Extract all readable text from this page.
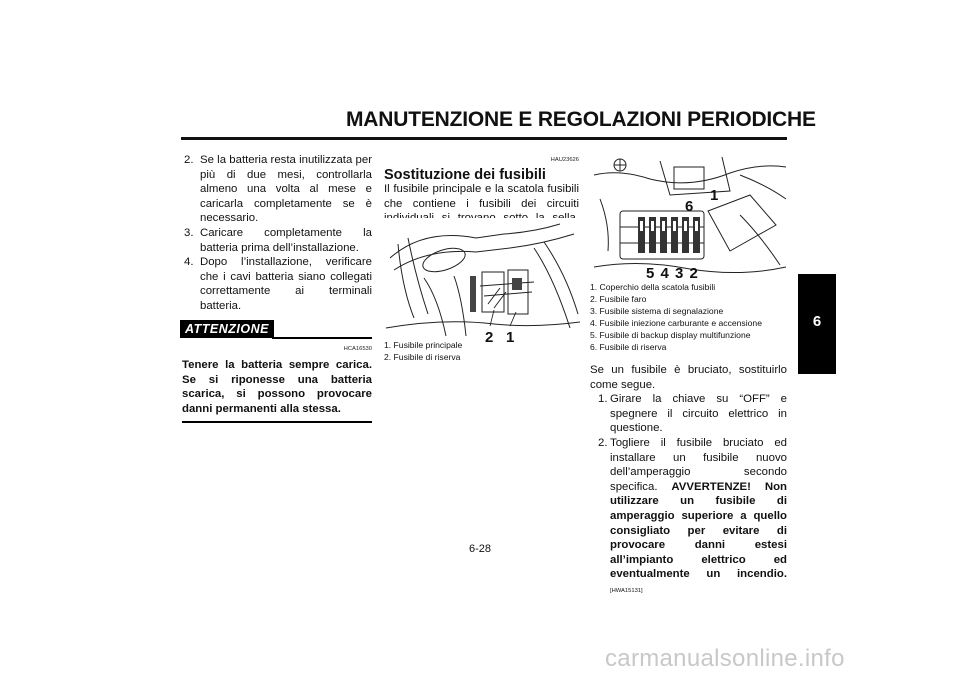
MANUTENZIONE E REGOLAZIONI PERIODICHE
6
2. Se la batteria resta inutilizzata per più di due mesi, controllarla almeno una volta al mese e caricarla completamente se è necessario.
3. Caricare completamente la batteria prima dell’installazione.
4. Dopo l’installazione, verificare che i cavi batteria siano collegati correttamente ai terminali batteria.
ATTENZIONE
HCA16530
Tenere la batteria sempre carica. Se si riponesse una batteria scarica, si possono provocare danni permanenti alla stessa.
HAU23626
Sostituzione dei fusibili
Il fusibile principale e la scatola fusibili che contiene i fusibili dei circuiti
2 1
1. Fusibile principale
2. Fusibile di riserva
1
6
5 4 3 2
1. Coperchio della scatola fusibili
2. Fusibile faro
3. Fusibile sistema di segnalazione
4. Fusibile iniezione carburante e accensione
5. Fusibile di backup display multifunzione
6. Fusibile di riserva
Se un fusibile è bruciato, sostituirlo come segue.
1. Girare la chiave su “OFF” e spegnere il circuito elettrico in questione.
2. Togliere il fusibile bruciato ed installare un fusibile nuovo dell’amperaggio secondo specifica. AVVERTENZE! Non utilizzare un fusibile di amperaggio superiore a quello consigliato per evitare di provocare danni estesi all’impianto elettrico ed eventualmente un incendio. [HWA15131]
6-28
carmanualsonline.info
